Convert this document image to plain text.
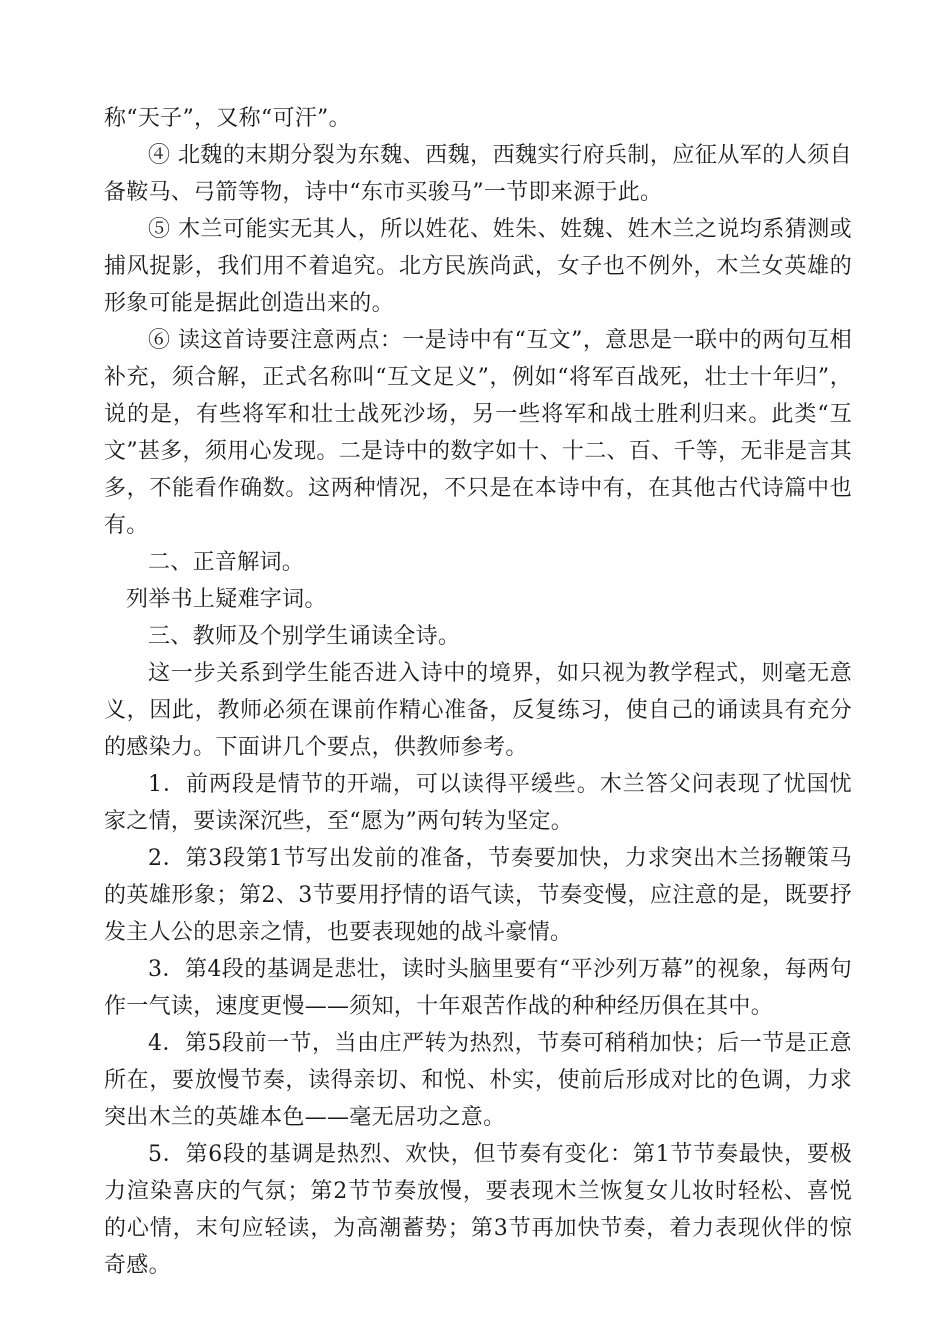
称“天子”，又称“可汗”。

④ 北魏的末期分裂为东魏、西魏，西魏实行府兵制，应征从军的人须自备鞍马、弓箭等物，诗中“东市买骏马”一节即来源于此。

⑤ 木兰可能实无其人，所以姓花、姓朱、姓魏、姓木兰之说均系猜测或捕风捉影，我们用不着追究。北方民族尚武，女子也不例外，木兰女英雄的形象可能是据此创造出来的。

⑥ 读这首诗要注意两点：一是诗中有“互文”，意思是一联中的两句互相补充，须合解，正式名称叫“互文足义”，例如“将军百战死，壮士十年归”，说的是，有些将军和壮士战死沙场，另一些将军和战士胜利归来。此类“互文”甚多，须用心发现。二是诗中的数字如十、十二、百、千等，无非是言其多，不能看作确数。这两种情况，不只是在本诗中有，在其他古代诗篇中也有。

二、正音解词。

列举书上疑难字词。

三、教师及个别学生诵读全诗。

这一步关系到学生能否进入诗中的境界，如只视为教学程式，则毫无意义，因此，教师必须在课前作精心准备，反复练习，使自己的诵读具有充分的感染力。下面讲几个要点，供教师参考。

1．前两段是情节的开端，可以读得平缓些。木兰答父问表现了忧国忧家之情，要读深沉些，至“愿为”两句转为坚定。

2．第3段第1节写出发前的准备，节奏要加快，力求突出木兰扬鞭策马的英雄形象；第2、3节要用抒情的语气读，节奏变慢，应注意的是，既要抒发主人公的思亲之情，也要表现她的战斗豪情。

3．第4段的基调是悲壮，读时头脑里要有“平沙列万幕”的视象，每两句作一气读，速度更慢——须知，十年艰苦作战的种种经历俱在其中。

4．第5段前一节，当由庄严转为热烈，节奏可稍稍加快；后一节是正意所在，要放慢节奏，读得亲切、和悦、朴实，使前后形成对比的色调，力求突出木兰的英雄本色——毫无居功之意。

5．第6段的基调是热烈、欢快，但节奏有变化：第1节节奏最快，要极力渲染喜庆的气氛；第2节节奏放慢，要表现木兰恢复女儿妆时轻松、喜悦的心情，末句应轻读，为高潮蓄势；第3节再加快节奏，着力表现伙伴的惊奇感。
